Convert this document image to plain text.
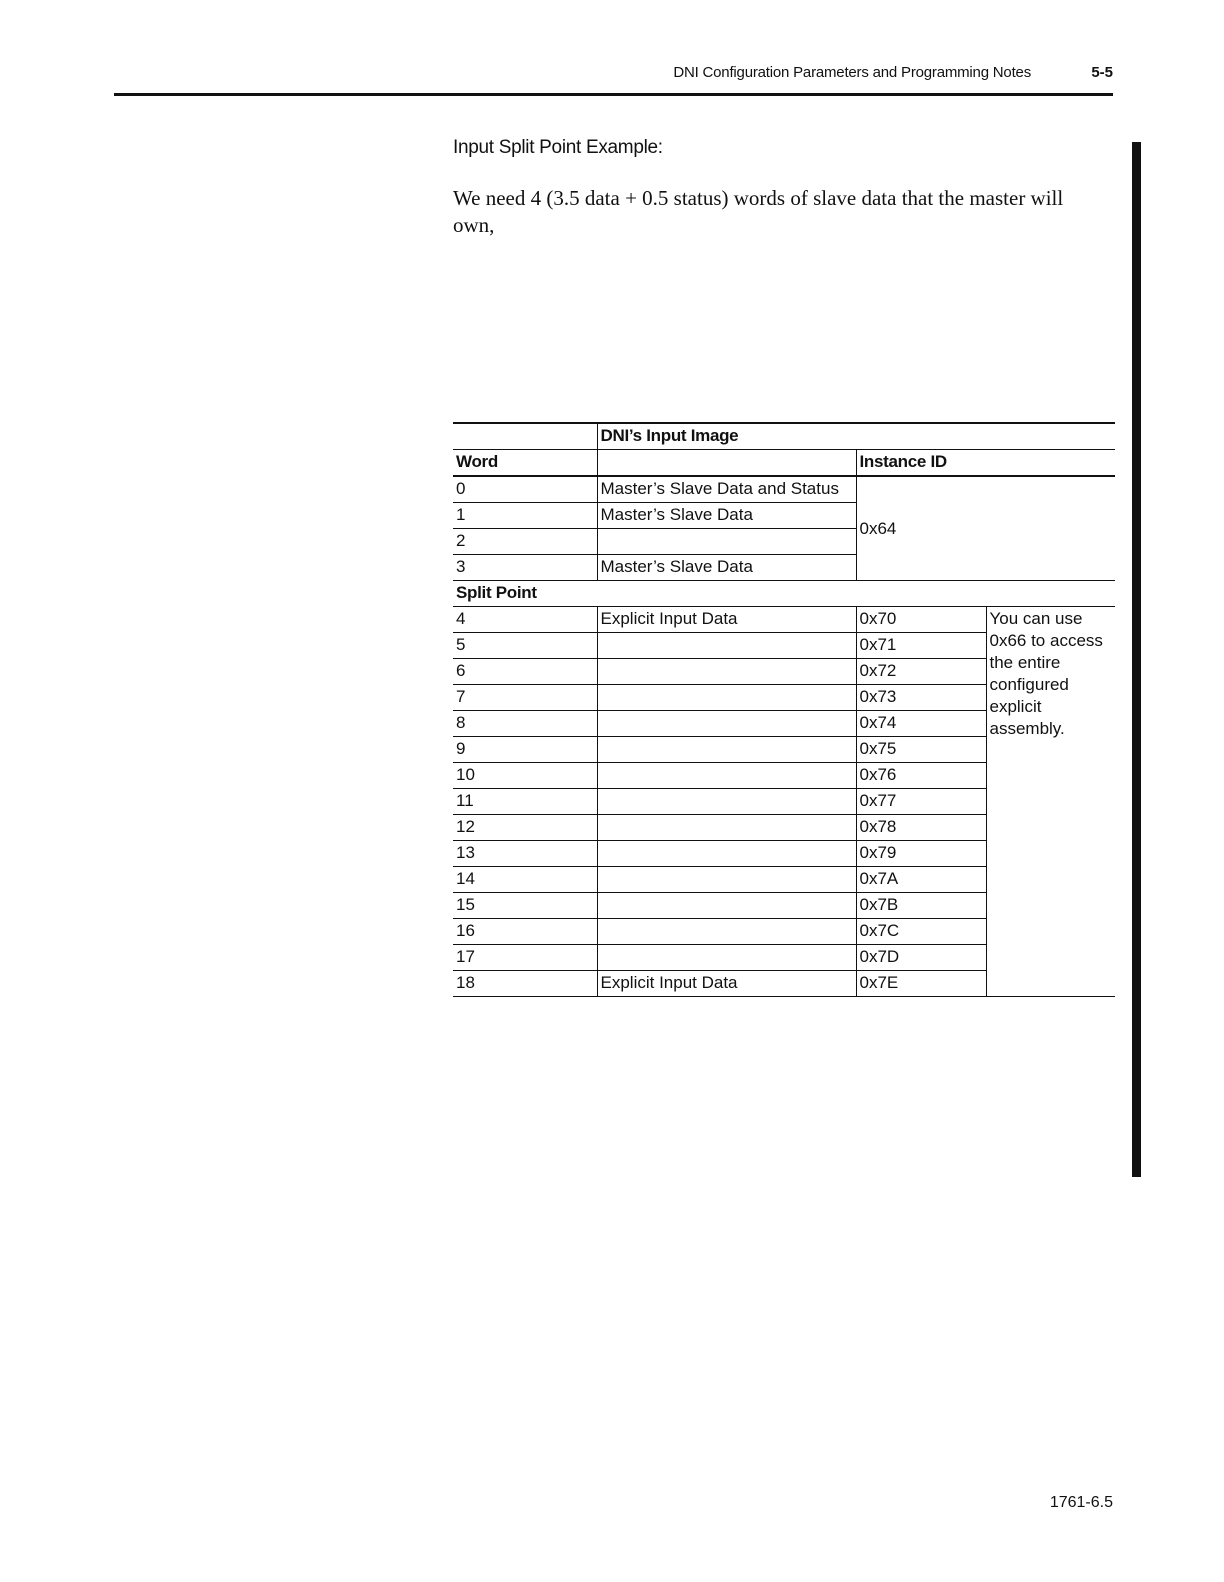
DNI Configuration Parameters and Programming Notes	5-5
Input Split Point Example:
We need 4 (3.5 data + 0.5 status) words of slave data that the master will own,
	DNI’s Input Image		
Word		Instance ID	
0	Master’s Slave Data and Status	0x64	
1	Master’s Slave Data		
2			
3	Master’s Slave Data		
Split Point			
4	Explicit Input Data	0x70	You can use 0x66 to access the entire configured explicit assembly.
5		0x71	
6		0x72	
7		0x73	
8		0x74	
9		0x75	
10		0x76	
11		0x77	
12		0x78	
13		0x79	
14		0x7A	
15		0x7B	
16		0x7C	
17		0x7D	
18	Explicit Input Data	0x7E	
1761-6.5
